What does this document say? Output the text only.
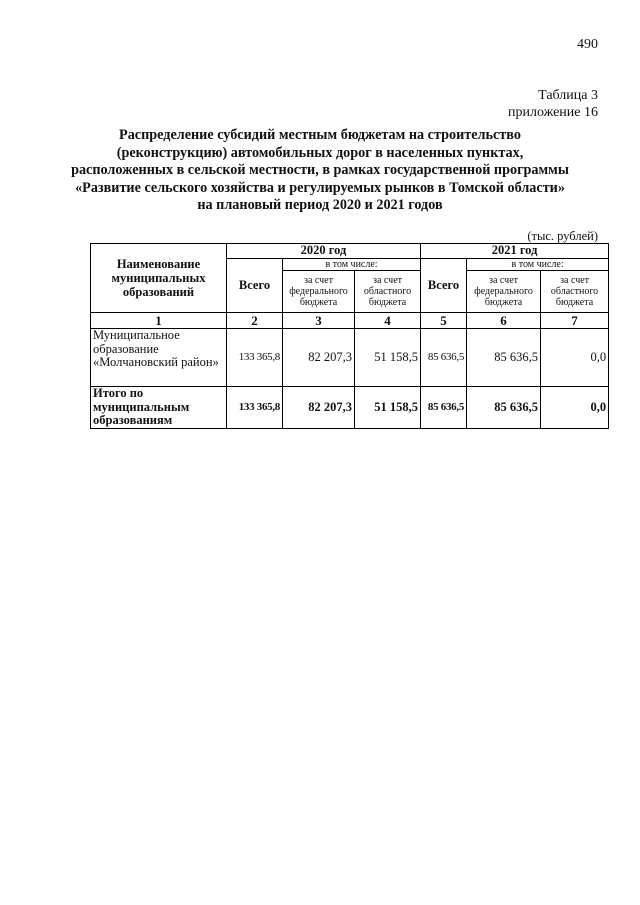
490
Таблица 3
приложение 16
Распределение субсидий местным бюджетам на строительство
(реконструкцию) автомобильных дорог в населенных пунктах,
расположенных в сельской местности, в рамках государственной программы
«Развитие сельского хозяйства и регулируемых рынков в Томской области»
на плановый период 2020 и 2021 годов
(тыс. рублей)
Наименование муниципальных образований	2020 год			2021 год		
	Всего	в том числе:		Всего	в том числе:	
		за счет федерального бюджета	за счет областного бюджета		за счет федерального бюджета	за счет областного бюджета
1	2	3	4	5	6	7
Муниципальное образование «Молчановский район»	133 365,8	82 207,3	51 158,5	85 636,5	85 636,5	0,0
Итого по муниципальным образованиям	133 365,8	82 207,3	51 158,5	85 636,5	85 636,5	0,0
